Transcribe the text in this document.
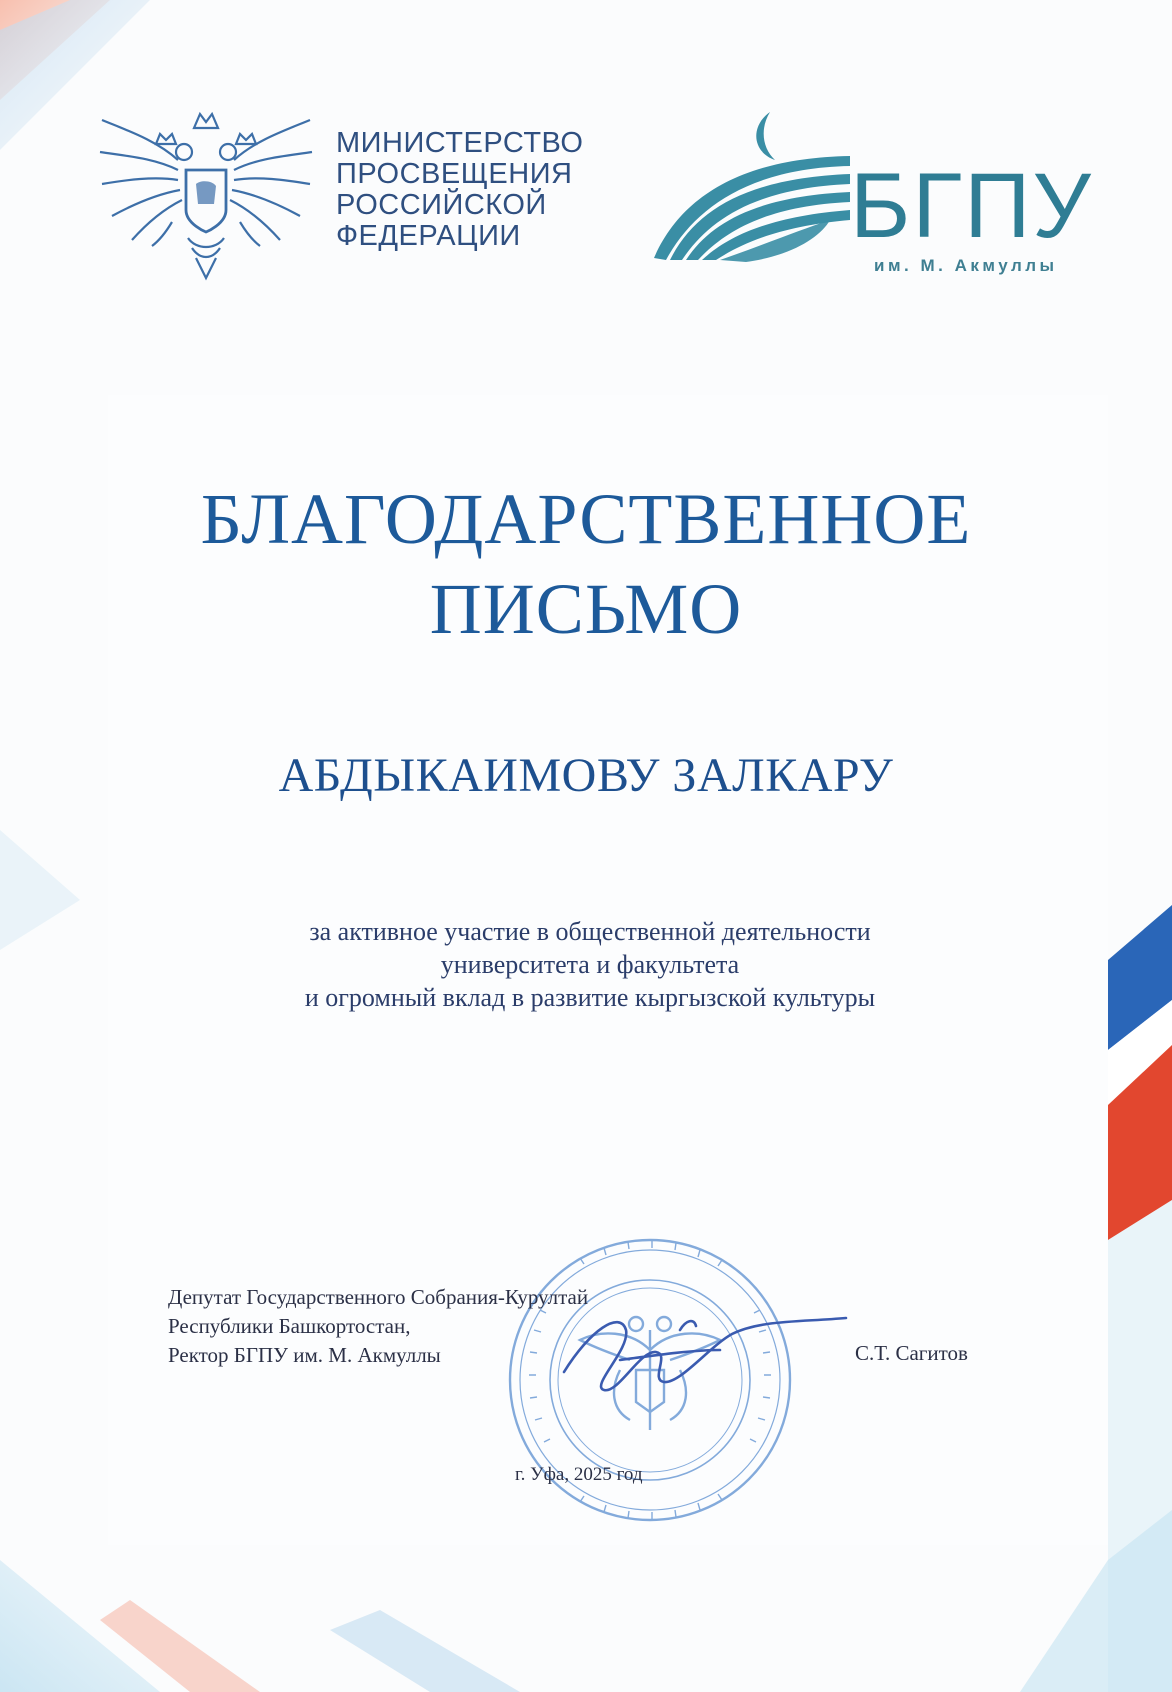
МИНИСТЕРСТВО
ПРОСВЕЩЕНИЯ
РОССИЙСКОЙ
ФЕДЕРАЦИИ	БГПУ
им. М. Акмуллы
БЛАГОДАРСТВЕННОЕ
ПИСЬМО
АБДЫКАИМОВУ ЗАЛКАРУ
за активное участие в общественной деятельности
университета и факультета
и огромный вклад в развитие кыргызской культуры
Депутат Государственного Собрания-Курултай
Республики Башкортостан,
Ректор БГПУ им. М. Акмуллы	С.Т. Сагитов
г. Уфа, 2025 год
